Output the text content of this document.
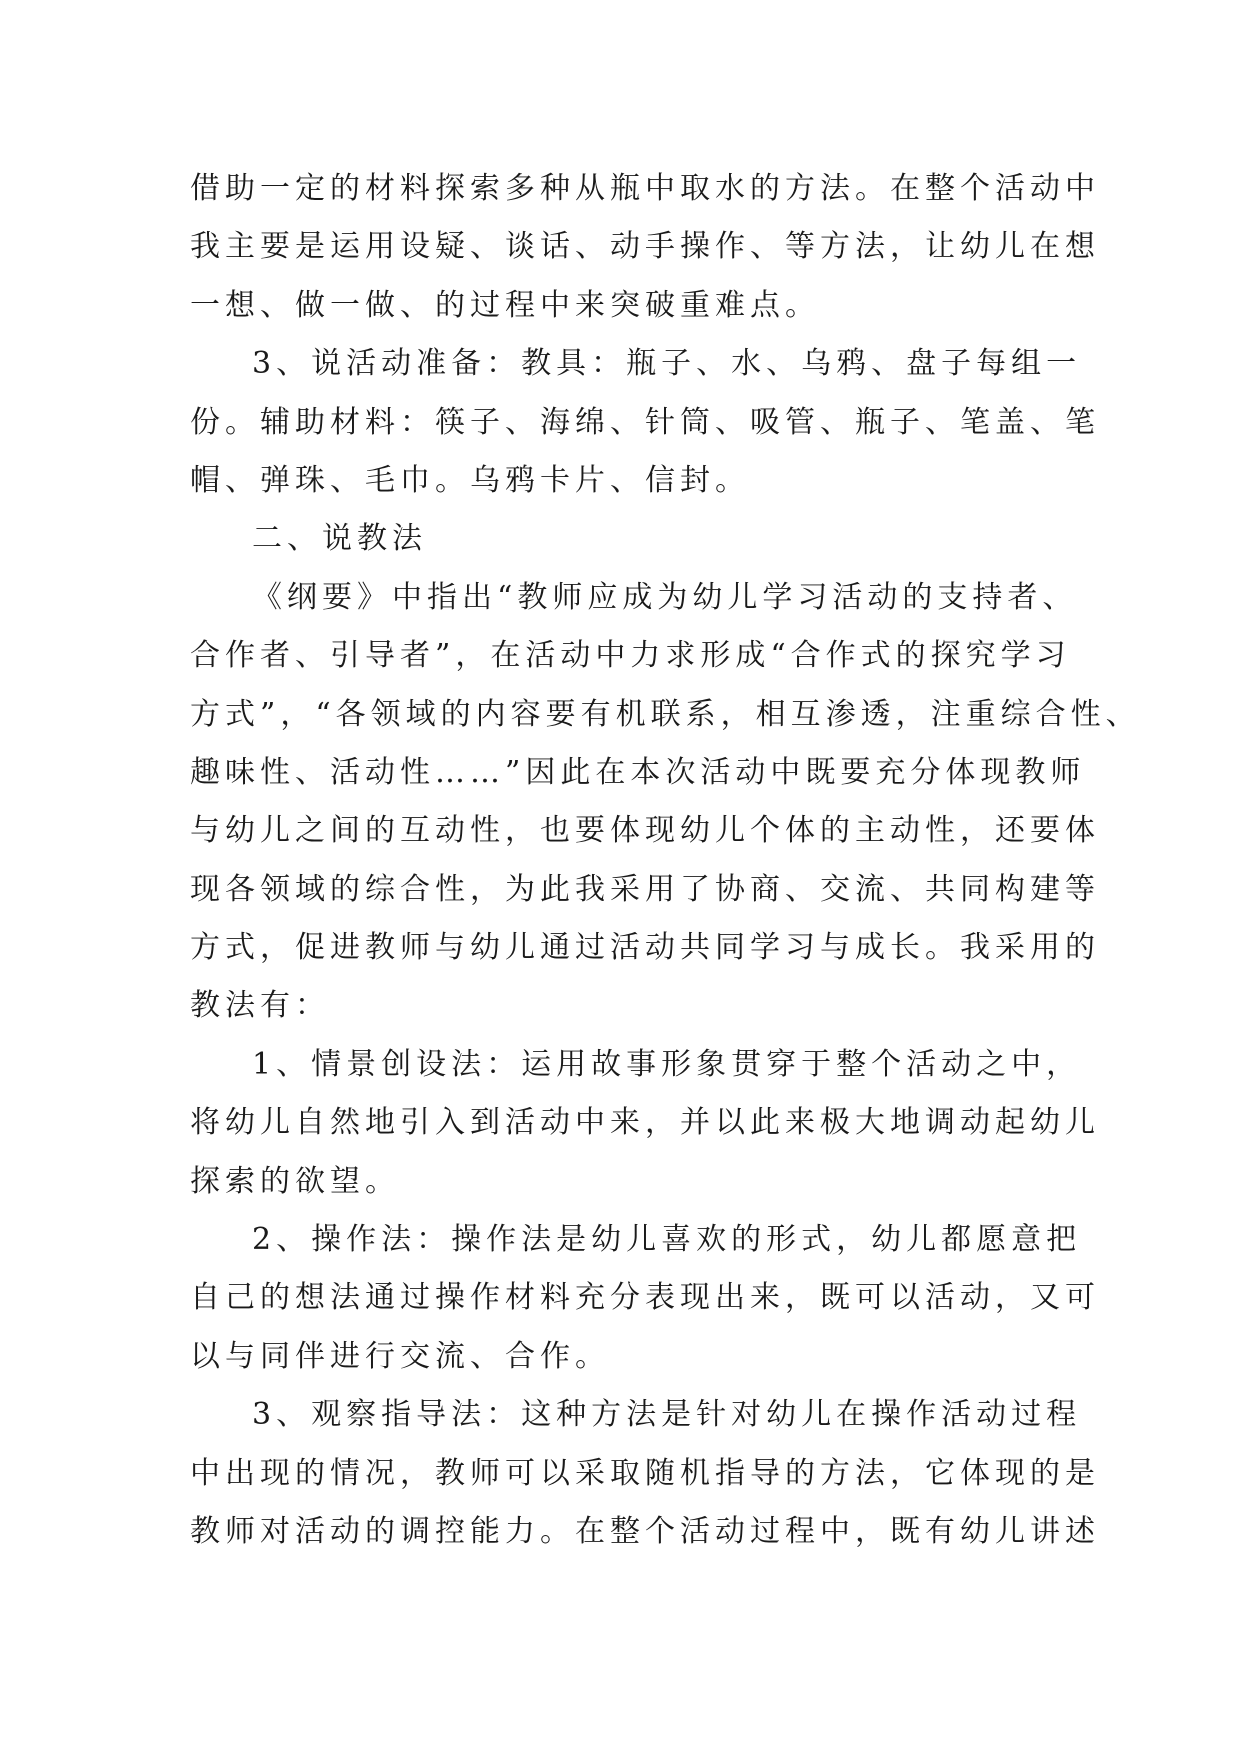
借助一定的材料探索多种从瓶中取水的方法。在整个活动中
我主要是运用设疑、谈话、动手操作、等方法，让幼儿在想
一想、做一做、的过程中来突破重难点。
3、说活动准备：教具：瓶子、水、乌鸦、盘子每组一
份。辅助材料：筷子、海绵、针筒、吸管、瓶子、笔盖、笔
帽、弹珠、毛巾。乌鸦卡片、信封。
二、说教法
《纲要》中指出“教师应成为幼儿学习活动的支持者、
合作者、引导者”，在活动中力求形成“合作式的探究学习
方式”，“各领域的内容要有机联系，相互渗透，注重综合性、
趣味性、活动性……”因此在本次活动中既要充分体现教师
与幼儿之间的互动性，也要体现幼儿个体的主动性，还要体
现各领域的综合性，为此我采用了协商、交流、共同构建等
方式，促进教师与幼儿通过活动共同学习与成长。我采用的
教法有：
1、情景创设法：运用故事形象贯穿于整个活动之中，
将幼儿自然地引入到活动中来，并以此来极大地调动起幼儿
探索的欲望。
2、操作法：操作法是幼儿喜欢的形式，幼儿都愿意把
自己的想法通过操作材料充分表现出来，既可以活动，又可
以与同伴进行交流、合作。
3、观察指导法：这种方法是针对幼儿在操作活动过程
中出现的情况，教师可以采取随机指导的方法，它体现的是
教师对活动的调控能力。在整个活动过程中，既有幼儿讲述
